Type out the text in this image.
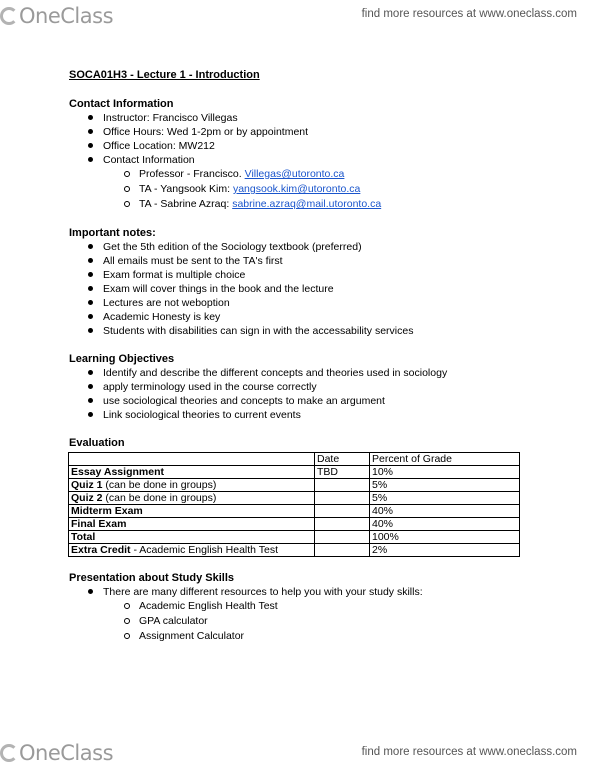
OneClass	find more resources at www.oneclass.com
SOCA01H3 - Lecture 1 - Introduction
Contact Information
Instructor: Francisco Villegas
Office Hours: Wed 1-2pm or by appointment
Office Location: MW212
Contact Information
Professor - Francisco. Villegas@utoronto.ca
TA - Yangsook Kim: yangsook.kim@utoronto.ca
TA - Sabrine Azraq: sabrine.azraq@mail.utoronto.ca
Important notes:
Get the 5th edition of the Sociology textbook (preferred)
All emails must be sent to the TA's first
Exam format is multiple choice
Exam will cover things in the book and the lecture
Lectures are not weboption
Academic Honesty is key
Students with disabilities can sign in with the accessability services
Learning Objectives
Identify and describe the different concepts and theories used in sociology
apply terminology used in the course correctly
use sociological theories and concepts to make an argument
Link sociological theories to current events
Evaluation
	Date	Percent of Grade
Essay Assignment	TBD	10%
Quiz 1 (can be done in groups)		5%
Quiz 2 (can be done in groups)		5%
Midterm Exam		40%
Final Exam		40%
Total		100%
Extra Credit - Academic English Health Test		2%
Presentation about Study Skills
There are many different resources to help you with your study skills:
Academic English Health Test
GPA calculator
Assignment Calculator
OneClass	find more resources at www.oneclass.com
